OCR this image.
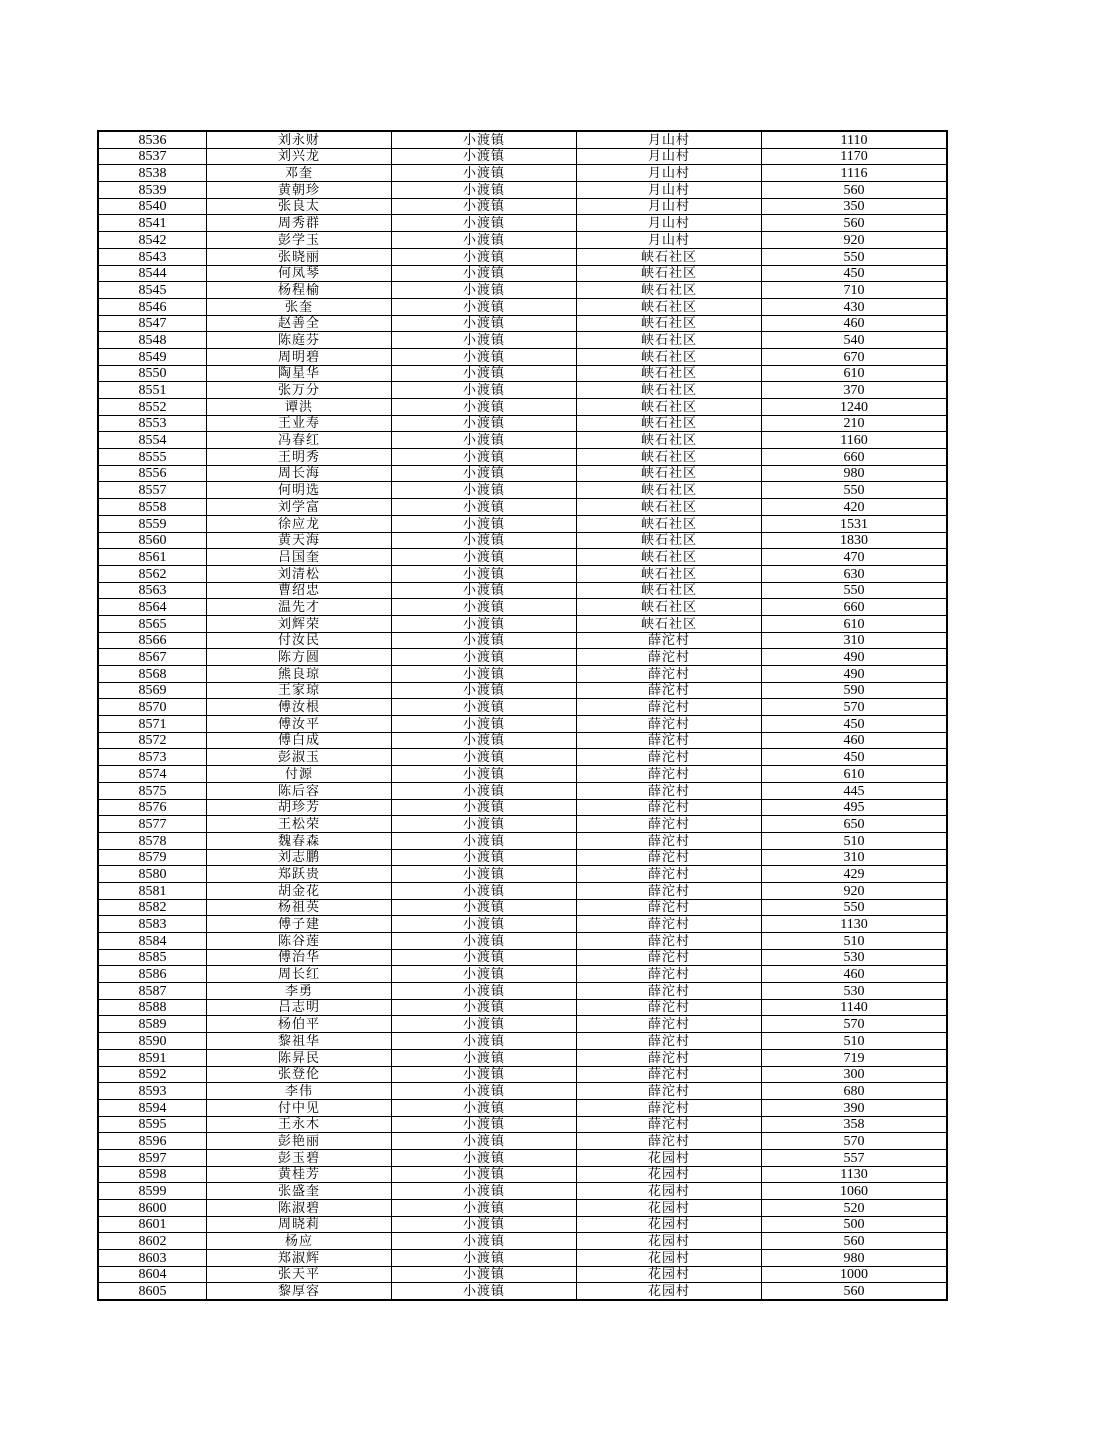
8536	刘永财	小渡镇	月山村	1110
8537	刘兴龙	小渡镇	月山村	1170
8538	邓奎	小渡镇	月山村	1116
8539	黄朝珍	小渡镇	月山村	560
8540	张良太	小渡镇	月山村	350
8541	周秀群	小渡镇	月山村	560
8542	彭学玉	小渡镇	月山村	920
8543	张晓丽	小渡镇	峡石社区	550
8544	何凤琴	小渡镇	峡石社区	450
8545	杨程榆	小渡镇	峡石社区	710
8546	张奎	小渡镇	峡石社区	430
8547	赵善全	小渡镇	峡石社区	460
8548	陈庭芬	小渡镇	峡石社区	540
8549	周明碧	小渡镇	峡石社区	670
8550	陶星华	小渡镇	峡石社区	610
8551	张万分	小渡镇	峡石社区	370
8552	谭洪	小渡镇	峡石社区	1240
8553	王业寿	小渡镇	峡石社区	210
8554	冯春红	小渡镇	峡石社区	1160
8555	王明秀	小渡镇	峡石社区	660
8556	周长海	小渡镇	峡石社区	980
8557	何明选	小渡镇	峡石社区	550
8558	刘学富	小渡镇	峡石社区	420
8559	徐应龙	小渡镇	峡石社区	1531
8560	黄天海	小渡镇	峡石社区	1830
8561	吕国奎	小渡镇	峡石社区	470
8562	刘清松	小渡镇	峡石社区	630
8563	曹绍忠	小渡镇	峡石社区	550
8564	温先才	小渡镇	峡石社区	660
8565	刘辉荣	小渡镇	峡石社区	610
8566	付汝民	小渡镇	薛沱村	310
8567	陈方圆	小渡镇	薛沱村	490
8568	熊良琼	小渡镇	薛沱村	490
8569	王家琼	小渡镇	薛沱村	590
8570	傅汝根	小渡镇	薛沱村	570
8571	傅汝平	小渡镇	薛沱村	450
8572	傅白成	小渡镇	薛沱村	460
8573	彭淑玉	小渡镇	薛沱村	450
8574	付源	小渡镇	薛沱村	610
8575	陈后容	小渡镇	薛沱村	445
8576	胡珍芳	小渡镇	薛沱村	495
8577	王松荣	小渡镇	薛沱村	650
8578	魏春森	小渡镇	薛沱村	510
8579	刘志鹏	小渡镇	薛沱村	310
8580	郑跃贵	小渡镇	薛沱村	429
8581	胡金花	小渡镇	薛沱村	920
8582	杨祖英	小渡镇	薛沱村	550
8583	傅子建	小渡镇	薛沱村	1130
8584	陈谷莲	小渡镇	薛沱村	510
8585	傅治华	小渡镇	薛沱村	530
8586	周长红	小渡镇	薛沱村	460
8587	李勇	小渡镇	薛沱村	530
8588	吕志明	小渡镇	薛沱村	1140
8589	杨伯平	小渡镇	薛沱村	570
8590	黎祖华	小渡镇	薛沱村	510
8591	陈昇民	小渡镇	薛沱村	719
8592	张登伦	小渡镇	薛沱村	300
8593	李伟	小渡镇	薛沱村	680
8594	付中见	小渡镇	薛沱村	390
8595	王永木	小渡镇	薛沱村	358
8596	彭艳丽	小渡镇	薛沱村	570
8597	彭玉碧	小渡镇	花园村	557
8598	黄桂芳	小渡镇	花园村	1130
8599	张盛奎	小渡镇	花园村	1060
8600	陈淑碧	小渡镇	花园村	520
8601	周晓莉	小渡镇	花园村	500
8602	杨应	小渡镇	花园村	560
8603	郑淑辉	小渡镇	花园村	980
8604	张天平	小渡镇	花园村	1000
8605	黎厚容	小渡镇	花园村	560
